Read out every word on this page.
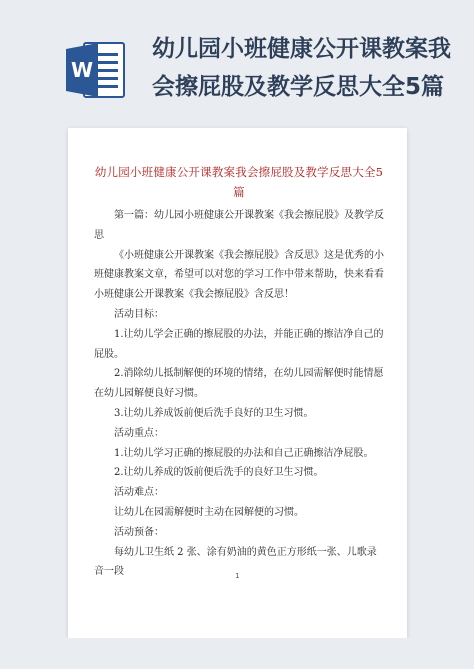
W
幼儿园小班健康公开课教案我会擦屁股及教学反思大全5篇
幼儿园小班健康公开课教案我会擦屁股及教学反思大全5篇

第一篇：幼儿园小班健康公开课教案《我会擦屁股》及教学反思

《小班健康公开课教案《我会擦屁股》含反思》这是优秀的小班健康教案文章，希望可以对您的学习工作中带来帮助，快来看看小班健康公开课教案《我会擦屁股》含反思！

活动目标：

1.让幼儿学会正确的擦屁股的办法，并能正确的擦洁净自己的屁股。

2.消除幼儿抵制解便的环境的情绪，在幼儿园需解便时能情愿在幼儿园解便良好习惯。

3.让幼儿养成饭前便后洗手良好的卫生习惯。

活动重点：

1.让幼儿学习正确的擦屁股的办法和自己正确擦洁净屁股。

2.让幼儿养成的饭前便后洗手的良好卫生习惯。

活动难点：

让幼儿在园需解便时主动在园解便的习惯。

活动预备：

每幼儿卫生纸 2 张、涂有奶油的黄色正方形纸一张、儿歌录音一段	1
